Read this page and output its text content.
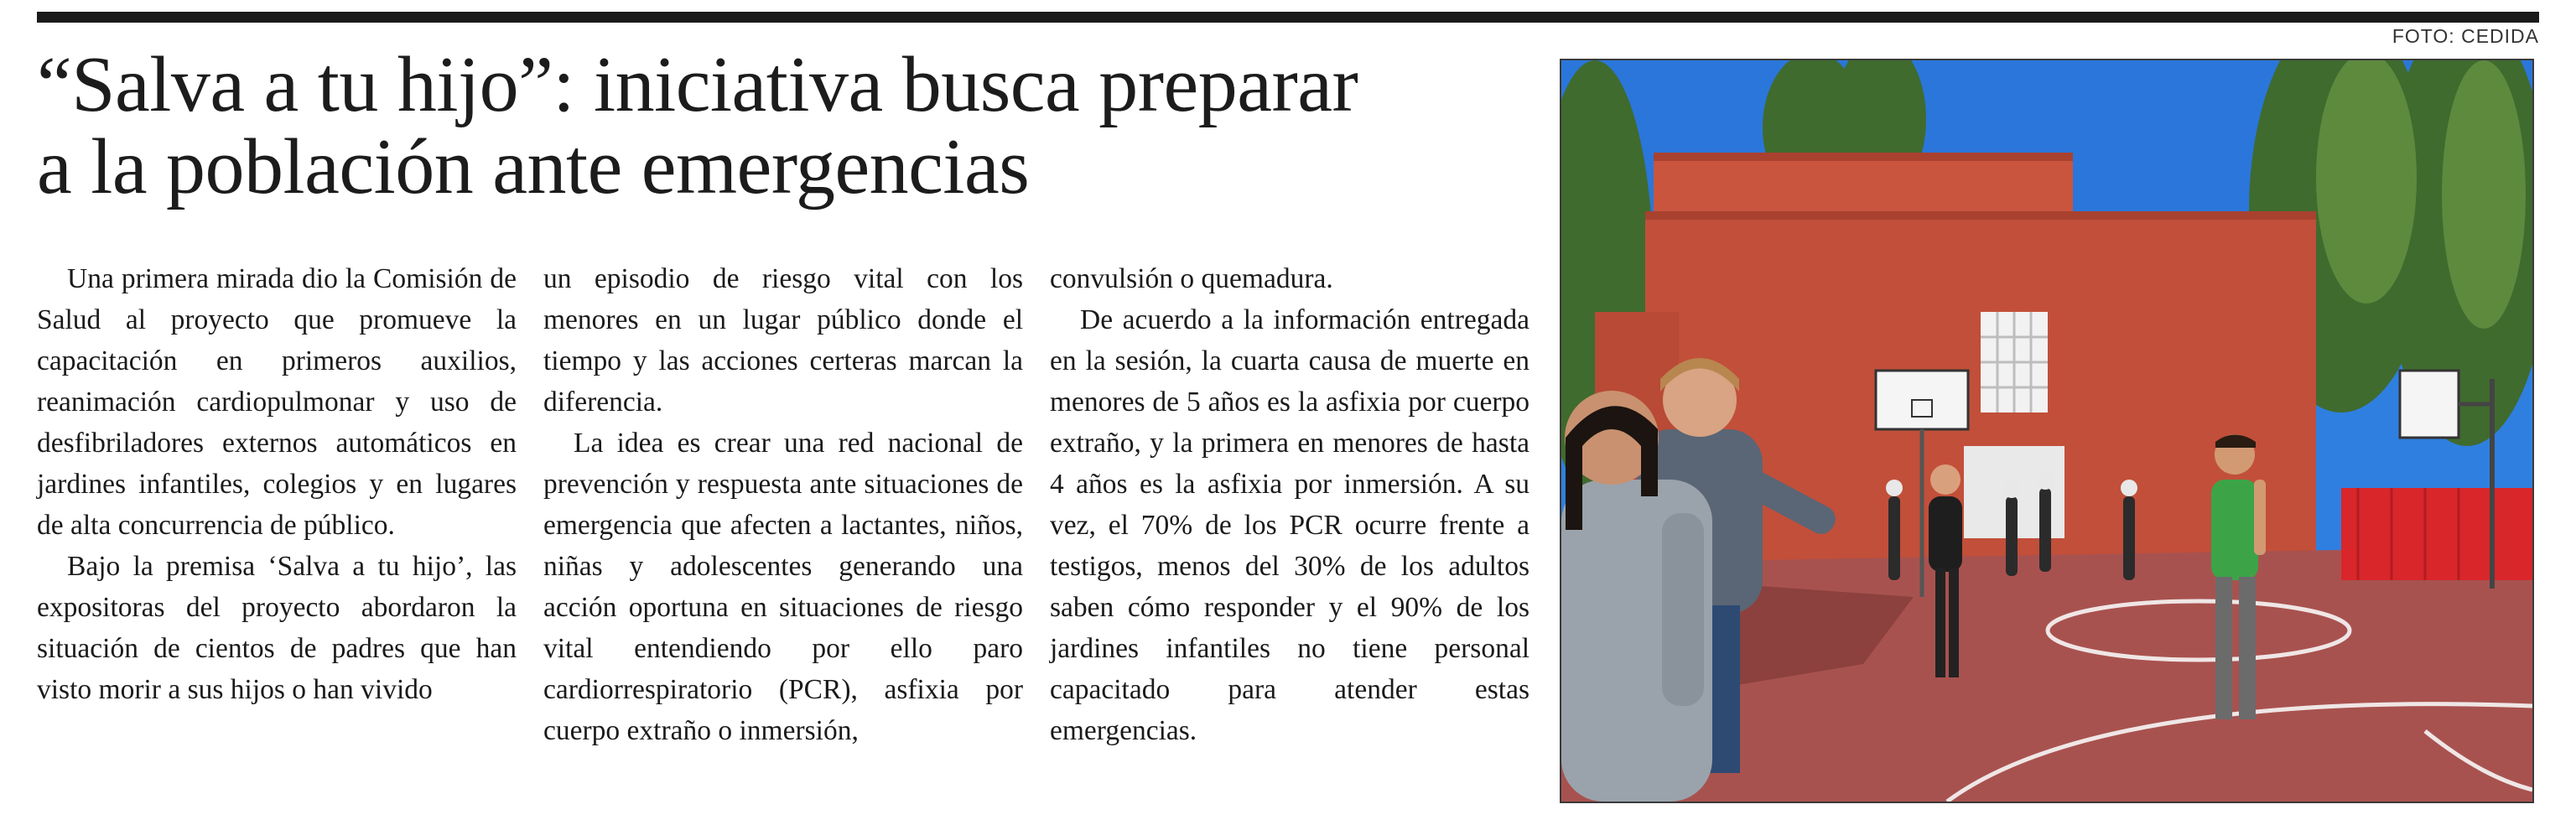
FOTO: CEDIDA
“Salva a tu hijo”: iniciativa busca preparar
a la población ante emergencias

Una primera mirada dio la Comisión de Salud al proyecto que promueve la capacitación en primeros auxilios, reanimación cardiopulmonar y uso de desfibriladores externos automáticos en jardines infantiles, colegios y en lugares de alta concurrencia de público.

Bajo la premisa ‘Salva a tu hijo’, las expositoras del proyecto abordaron la situación de cientos de padres que han visto morir a sus hijos o han vivido

un episodio de riesgo vital con los menores en un lugar público donde el tiempo y las acciones certeras marcan la diferencia.

La idea es crear una red nacional de prevención y respuesta ante situaciones de emergencia que afecten a lactantes, niños, niñas y adolescentes generando una acción oportuna en situaciones de riesgo vital entendiendo por ello paro cardiorrespiratorio (PCR), asfixia por cuerpo extraño o inmersión,

convulsión o quemadura.

De acuerdo a la información entregada en la sesión, la cuarta causa de muerte en menores de 5 años es la asfixia por cuerpo extraño, y la primera en menores de hasta 4 años es la asfixia por inmersión. A su vez, el 70% de los PCR ocurre frente a testigos, menos del 30% de los adultos saben cómo responder y el 90% de los jardines infantiles no tiene personal capacitado para atender estas emergencias.
